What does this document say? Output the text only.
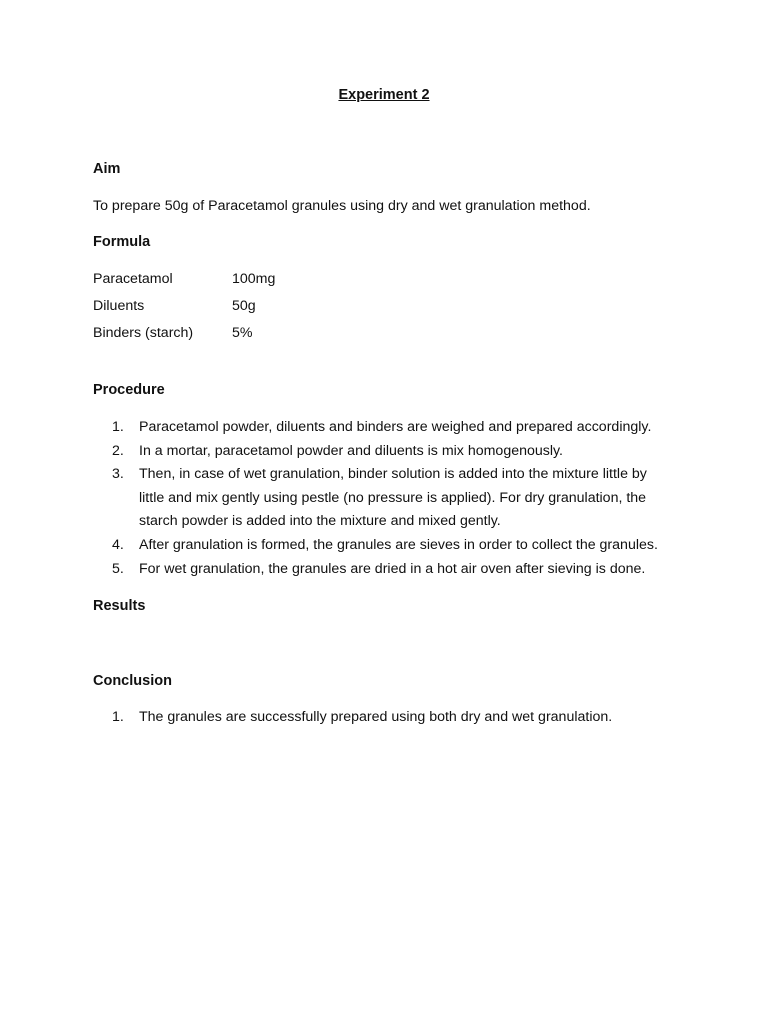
Experiment 2
Aim
To prepare 50g of Paracetamol granules using dry and wet granulation method.
Formula
Paracetamol	100mg
Diluents	50g
Binders (starch)	5%
Procedure
1. Paracetamol powder, diluents and binders are weighed and prepared accordingly.
2. In a mortar, paracetamol powder and diluents is mix homogenously.
3. Then, in case of wet granulation, binder solution is added into the mixture little by little and mix gently using pestle (no pressure is applied). For dry granulation, the starch powder is added into the mixture and mixed gently.
4. After granulation is formed, the granules are sieves in order to collect the granules.
5. For wet granulation, the granules are dried in a hot air oven after sieving is done.
Results
Conclusion
1. The granules are successfully prepared using both dry and wet granulation.
